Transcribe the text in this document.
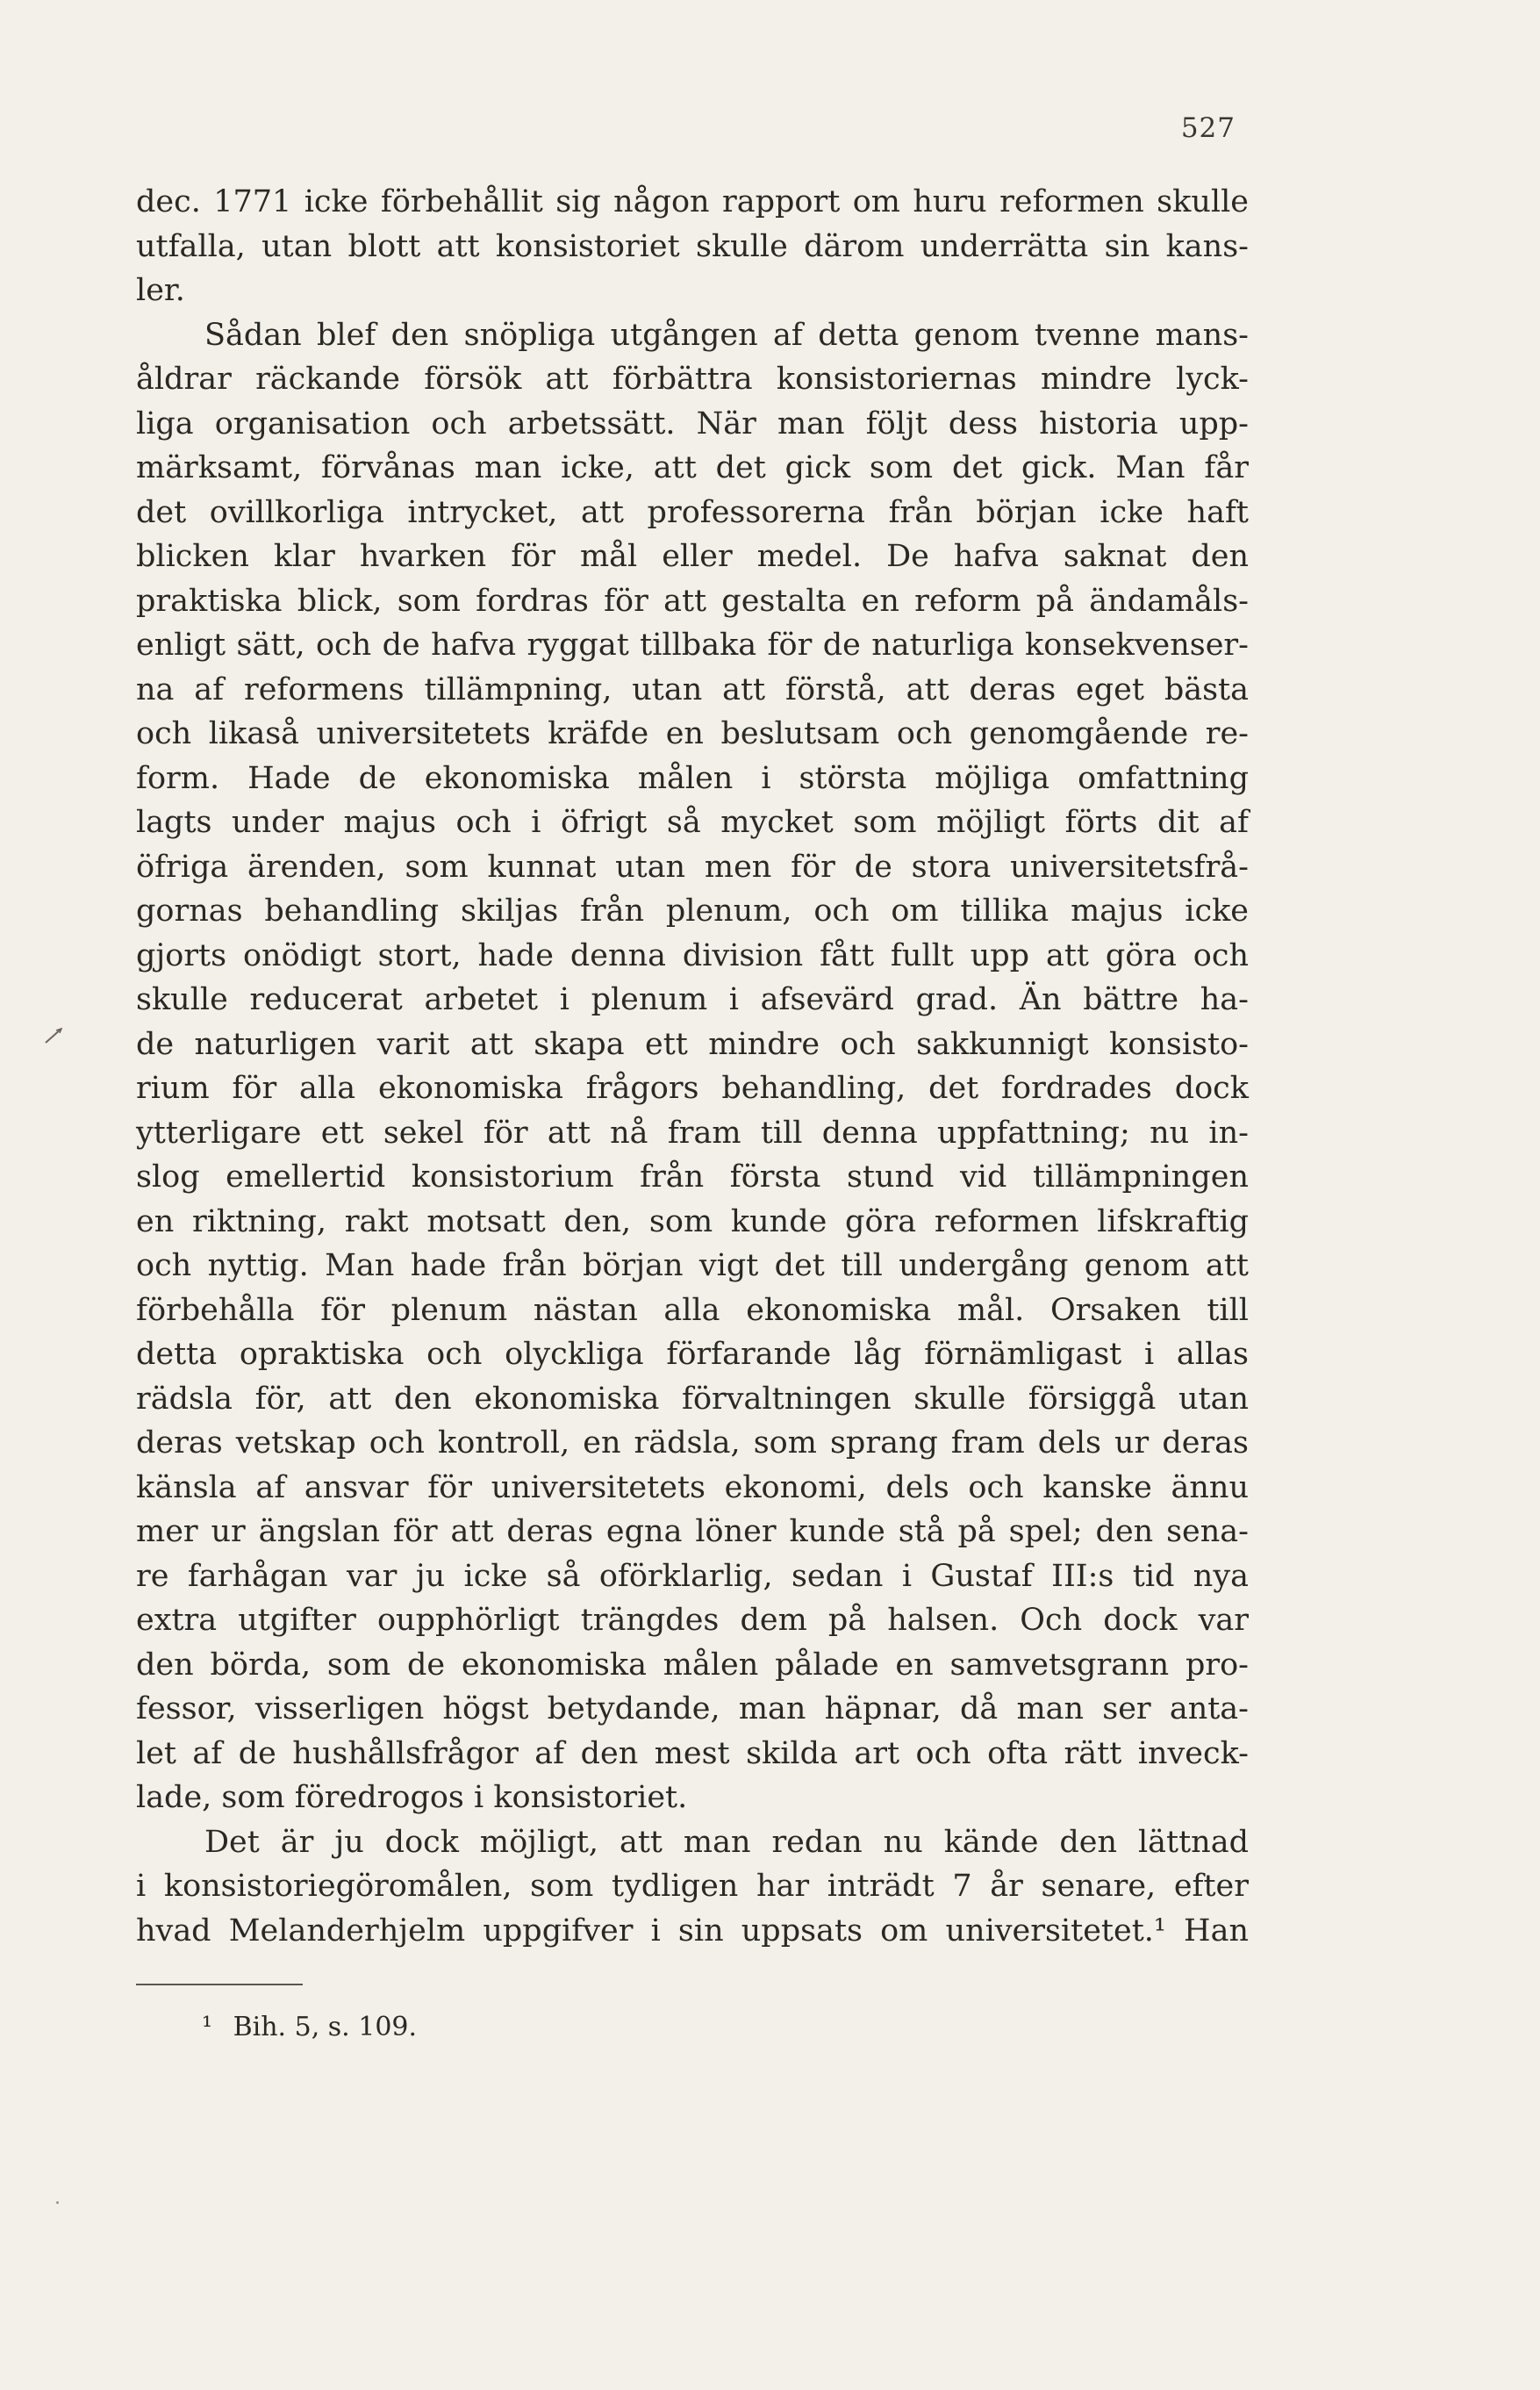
527
dec. 1771 icke förbehållit sig någon rapport om huru reformen skulle
utfalla, utan blott att konsistoriet skulle därom underrätta sin kans-
ler.
Sådan blef den snöpliga utgången af detta genom tvenne mans-
åldrar räckande försök att förbättra konsistoriernas mindre lyck-
liga organisation och arbetssätt. När man följt dess historia upp-
märksamt, förvånas man icke, att det gick som det gick. Man får
det ovillkorliga intrycket, att professorerna från början icke haft
blicken klar hvarken för mål eller medel. De hafva saknat den
praktiska blick, som fordras för att gestalta en reform på ändamåls-
enligt sätt, och de hafva ryggat tillbaka för de naturliga konsekvenser-
na af reformens tillämpning, utan att förstå, att deras eget bästa
och likaså universitetets kräfde en beslutsam och genomgående re-
form. Hade de ekonomiska målen i största möjliga omfattning
lagts under majus och i öfrigt så mycket som möjligt förts dit af
öfriga ärenden, som kunnat utan men för de stora universitetsfrå-
gornas behandling skiljas från plenum, och om tillika majus icke
gjorts onödigt stort, hade denna division fått fullt upp att göra och
skulle reducerat arbetet i plenum i afsevärd grad. Än bättre ha-
de naturligen varit att skapa ett mindre och sakkunnigt konsisto-
rium för alla ekonomiska frågors behandling, det fordrades dock
ytterligare ett sekel för att nå fram till denna uppfattning; nu in-
slog emellertid konsistorium från första stund vid tillämpningen
en riktning, rakt motsatt den, som kunde göra reformen lifskraftig
och nyttig. Man hade från början vigt det till undergång genom att
förbehålla för plenum nästan alla ekonomiska mål. Orsaken till
detta opraktiska och olyckliga förfarande låg förnämligast i allas
rädsla för, att den ekonomiska förvaltningen skulle försiggå utan
deras vetskap och kontroll, en rädsla, som sprang fram dels ur deras
känsla af ansvar för universitetets ekonomi, dels och kanske ännu
mer ur ängslan för att deras egna löner kunde stå på spel; den sena-
re farhågan var ju icke så oförklarlig, sedan i Gustaf III:s tid nya
extra utgifter oupphörligt trängdes dem på halsen. Och dock var
den börda, som de ekonomiska målen pålade en samvetsgrann pro-
fessor, visserligen högst betydande, man häpnar, då man ser anta-
let af de hushållsfrågor af den mest skilda art och ofta rätt inveck-
lade, som föredrogos i konsistoriet.
Det är ju dock möjligt, att man redan nu kände den lättnad
i konsistoriegöromålen, som tydligen har inträdt 7 år senare, efter
hvad Melanderhjelm uppgifver i sin uppsats om universitetet.¹ Han
¹ Bih. 5, s. 109.
